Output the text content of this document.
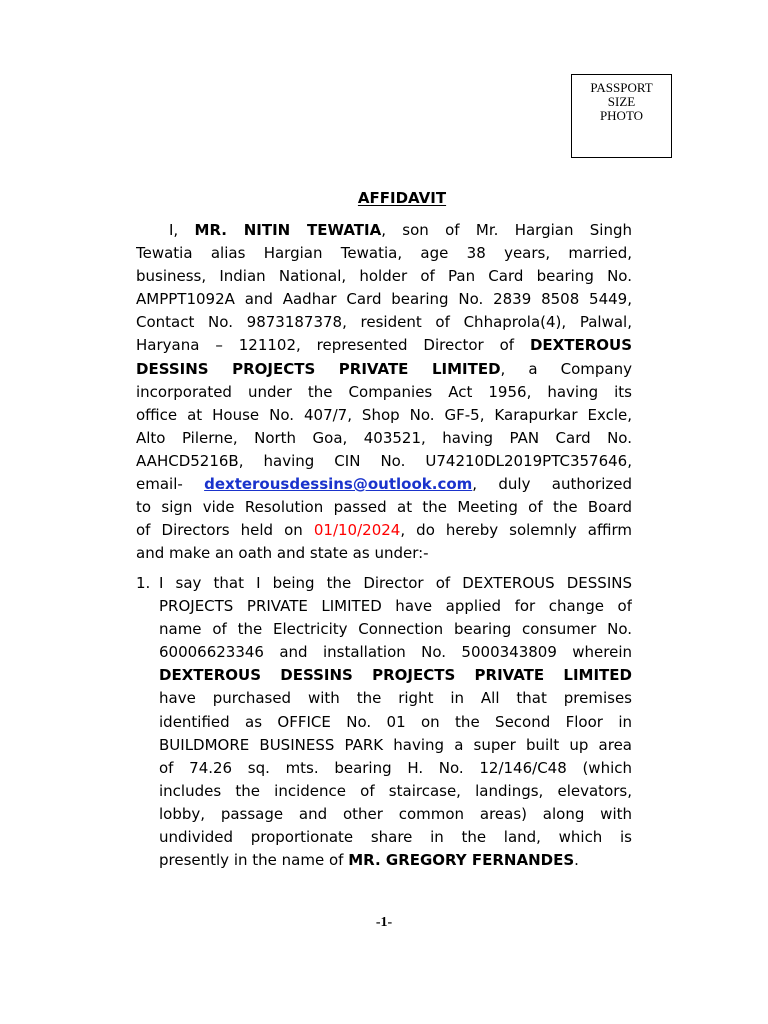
PASSPORT
SIZE
PHOTO
AFFIDAVIT
I, MR. NITIN TEWATIA, son of Mr. Hargian Singh
Tewatia alias Hargian Tewatia, age 38 years, married,
business, Indian National, holder of Pan Card bearing No.
AMPPT1092A and Aadhar Card bearing No. 2839 8508 5449,
Contact No. 9873187378, resident of Chhaprola(4), Palwal,
Haryana – 121102, represented Director of DEXTEROUS
DESSINS PROJECTS PRIVATE LIMITED, a Company
incorporated under the Companies Act 1956, having its
office at House No. 407/7, Shop No. GF-5, Karapurkar Excle,
Alto Pilerne, North Goa, 403521, having PAN Card No.
AAHCD5216B, having CIN No. U74210DL2019PTC357646,
email- dexterousdessins@outlook.com, duly authorized
to sign vide Resolution passed at the Meeting of the Board
of Directors held on 01/10/2024, do hereby solemnly affirm
and make an oath and state as under:-
1. I say that I being the Director of DEXTEROUS DESSINS
PROJECTS PRIVATE LIMITED have applied for change of
name of the Electricity Connection bearing consumer No.
60006623346 and installation No. 5000343809 wherein
DEXTEROUS DESSINS PROJECTS PRIVATE LIMITED
have purchased with the right in All that premises
identified as OFFICE No. 01 on the Second Floor in
BUILDMORE BUSINESS PARK having a super built up area
of 74.26 sq. mts. bearing H. No. 12/146/C48 (which
includes the incidence of staircase, landings, elevators,
lobby, passage and other common areas) along with
undivided proportionate share in the land, which is
presently in the name of MR. GREGORY FERNANDES.
-1-
